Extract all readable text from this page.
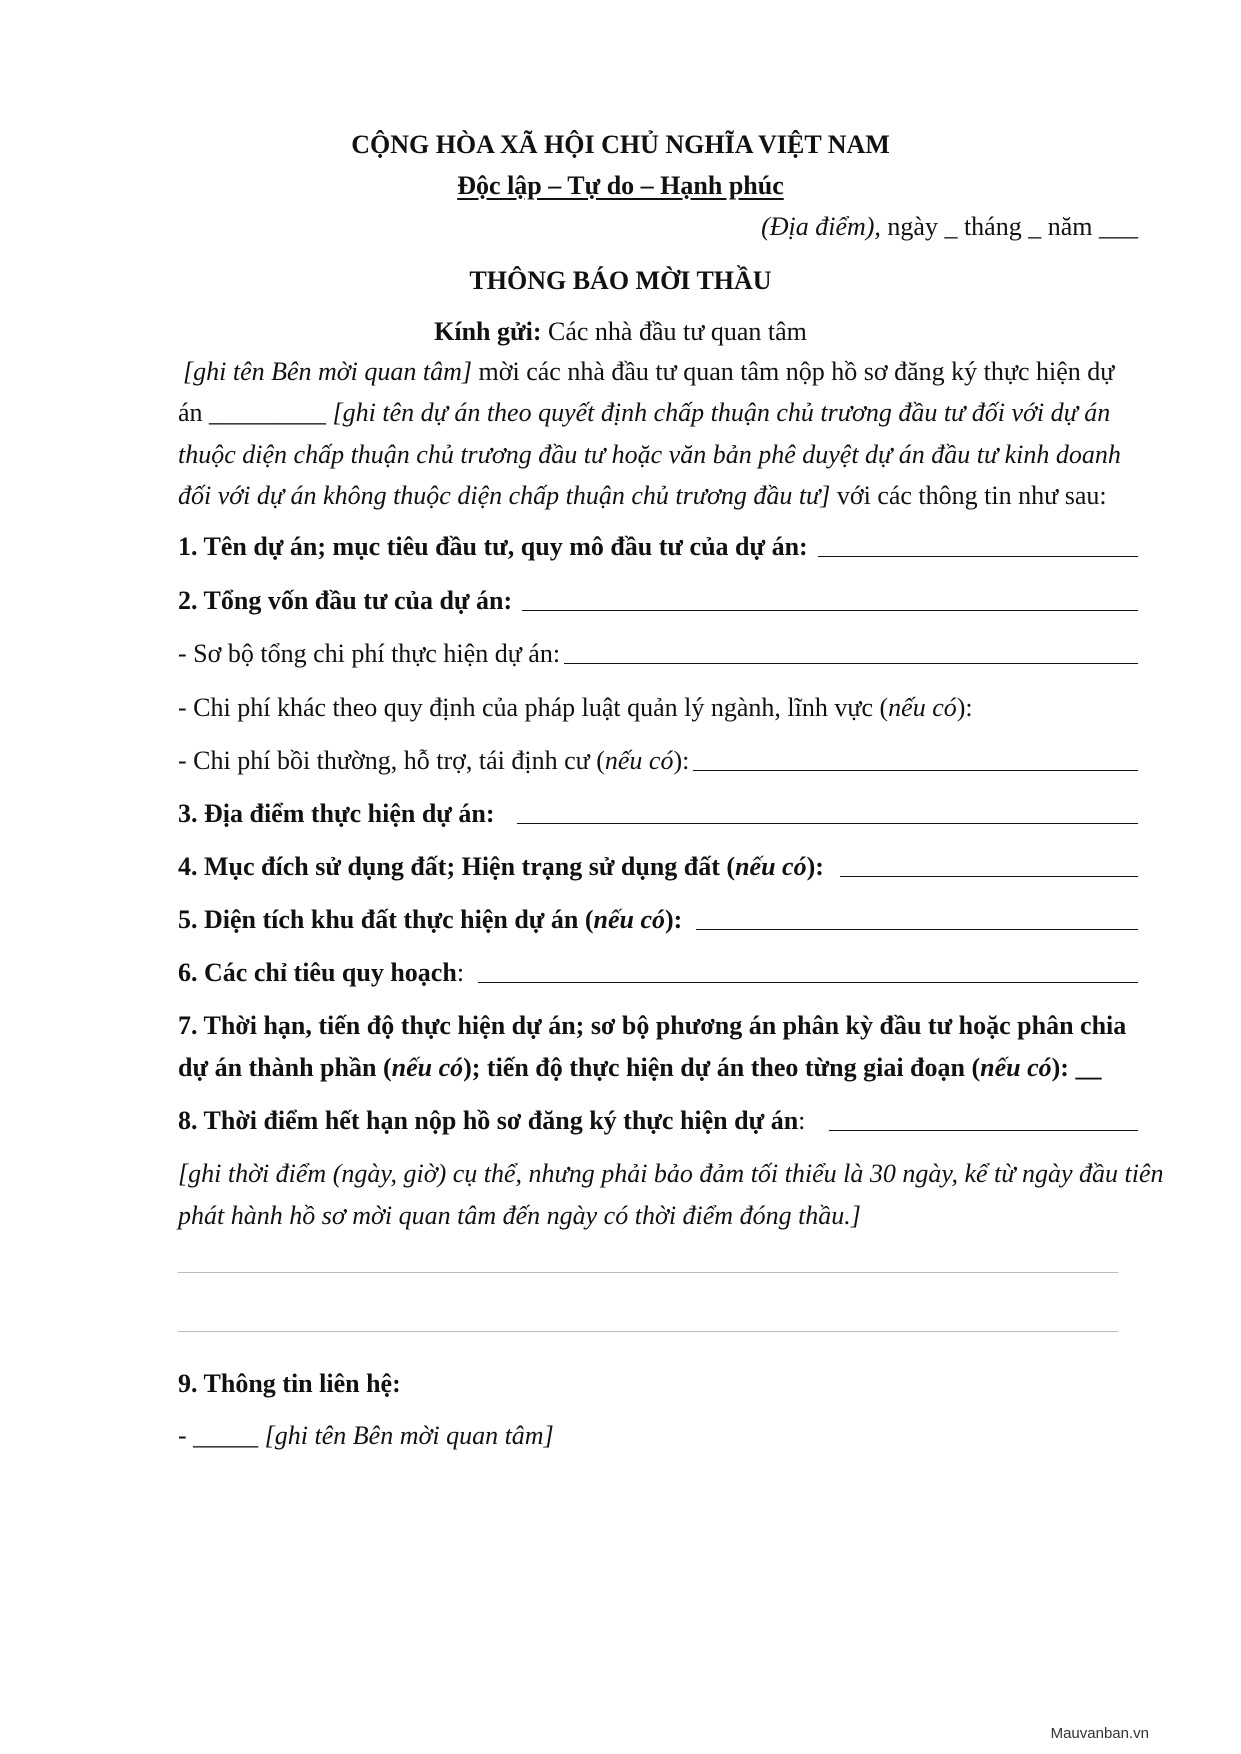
CỘNG HÒA XÃ HỘI CHỦ NGHĨA VIỆT NAM
Độc lập – Tự do – Hạnh phúc
(Địa điểm), ngày _ tháng _ năm ___
THÔNG BÁO MỜI THẦU
Kính gửi: Các nhà đầu tư quan tâm
[ghi tên Bên mời quan tâm] mời các nhà đầu tư quan tâm nộp hồ sơ đăng ký thực hiện dự
án _________ [ghi tên dự án theo quyết định chấp thuận chủ trương đầu tư đối với dự án
thuộc diện chấp thuận chủ trương đầu tư hoặc văn bản phê duyệt dự án đầu tư kinh doanh
đối với dự án không thuộc diện chấp thuận chủ trương đầu tư] với các thông tin như sau:
1. Tên dự án; mục tiêu đầu tư, quy mô đầu tư của dự án:
2. Tổng vốn đầu tư của dự án:
- Sơ bộ tổng chi phí thực hiện dự án:
- Chi phí khác theo quy định của pháp luật quản lý ngành, lĩnh vực (nếu có):
- Chi phí bồi thường, hỗ trợ, tái định cư ( nếu có ):
3. Địa điểm thực hiện dự án:
4. Mục đích sử dụng đất; Hiện trạng sử dụng đất ( nếu có ):
5. Diện tích khu đất thực hiện dự án ( nếu có ):
6. Các chỉ tiêu quy hoạch :
7. Thời hạn, tiến độ thực hiện dự án; sơ bộ phương án phân kỳ đầu tư hoặc phân chia
dự án thành phần (nếu có); tiến độ thực hiện dự án theo từng giai đoạn (nếu có): __
8. Thời điểm hết hạn nộp hồ sơ đăng ký thực hiện dự án :
[ghi thời điểm (ngày, giờ) cụ thể, nhưng phải bảo đảm tối thiểu là 30 ngày, kể từ ngày đầu tiên
phát hành hồ sơ mời quan tâm đến ngày có thời điểm đóng thầu.]
9. Thông tin liên hệ:
- _____ [ghi tên Bên mời quan tâm]
Mauvanban.vn
